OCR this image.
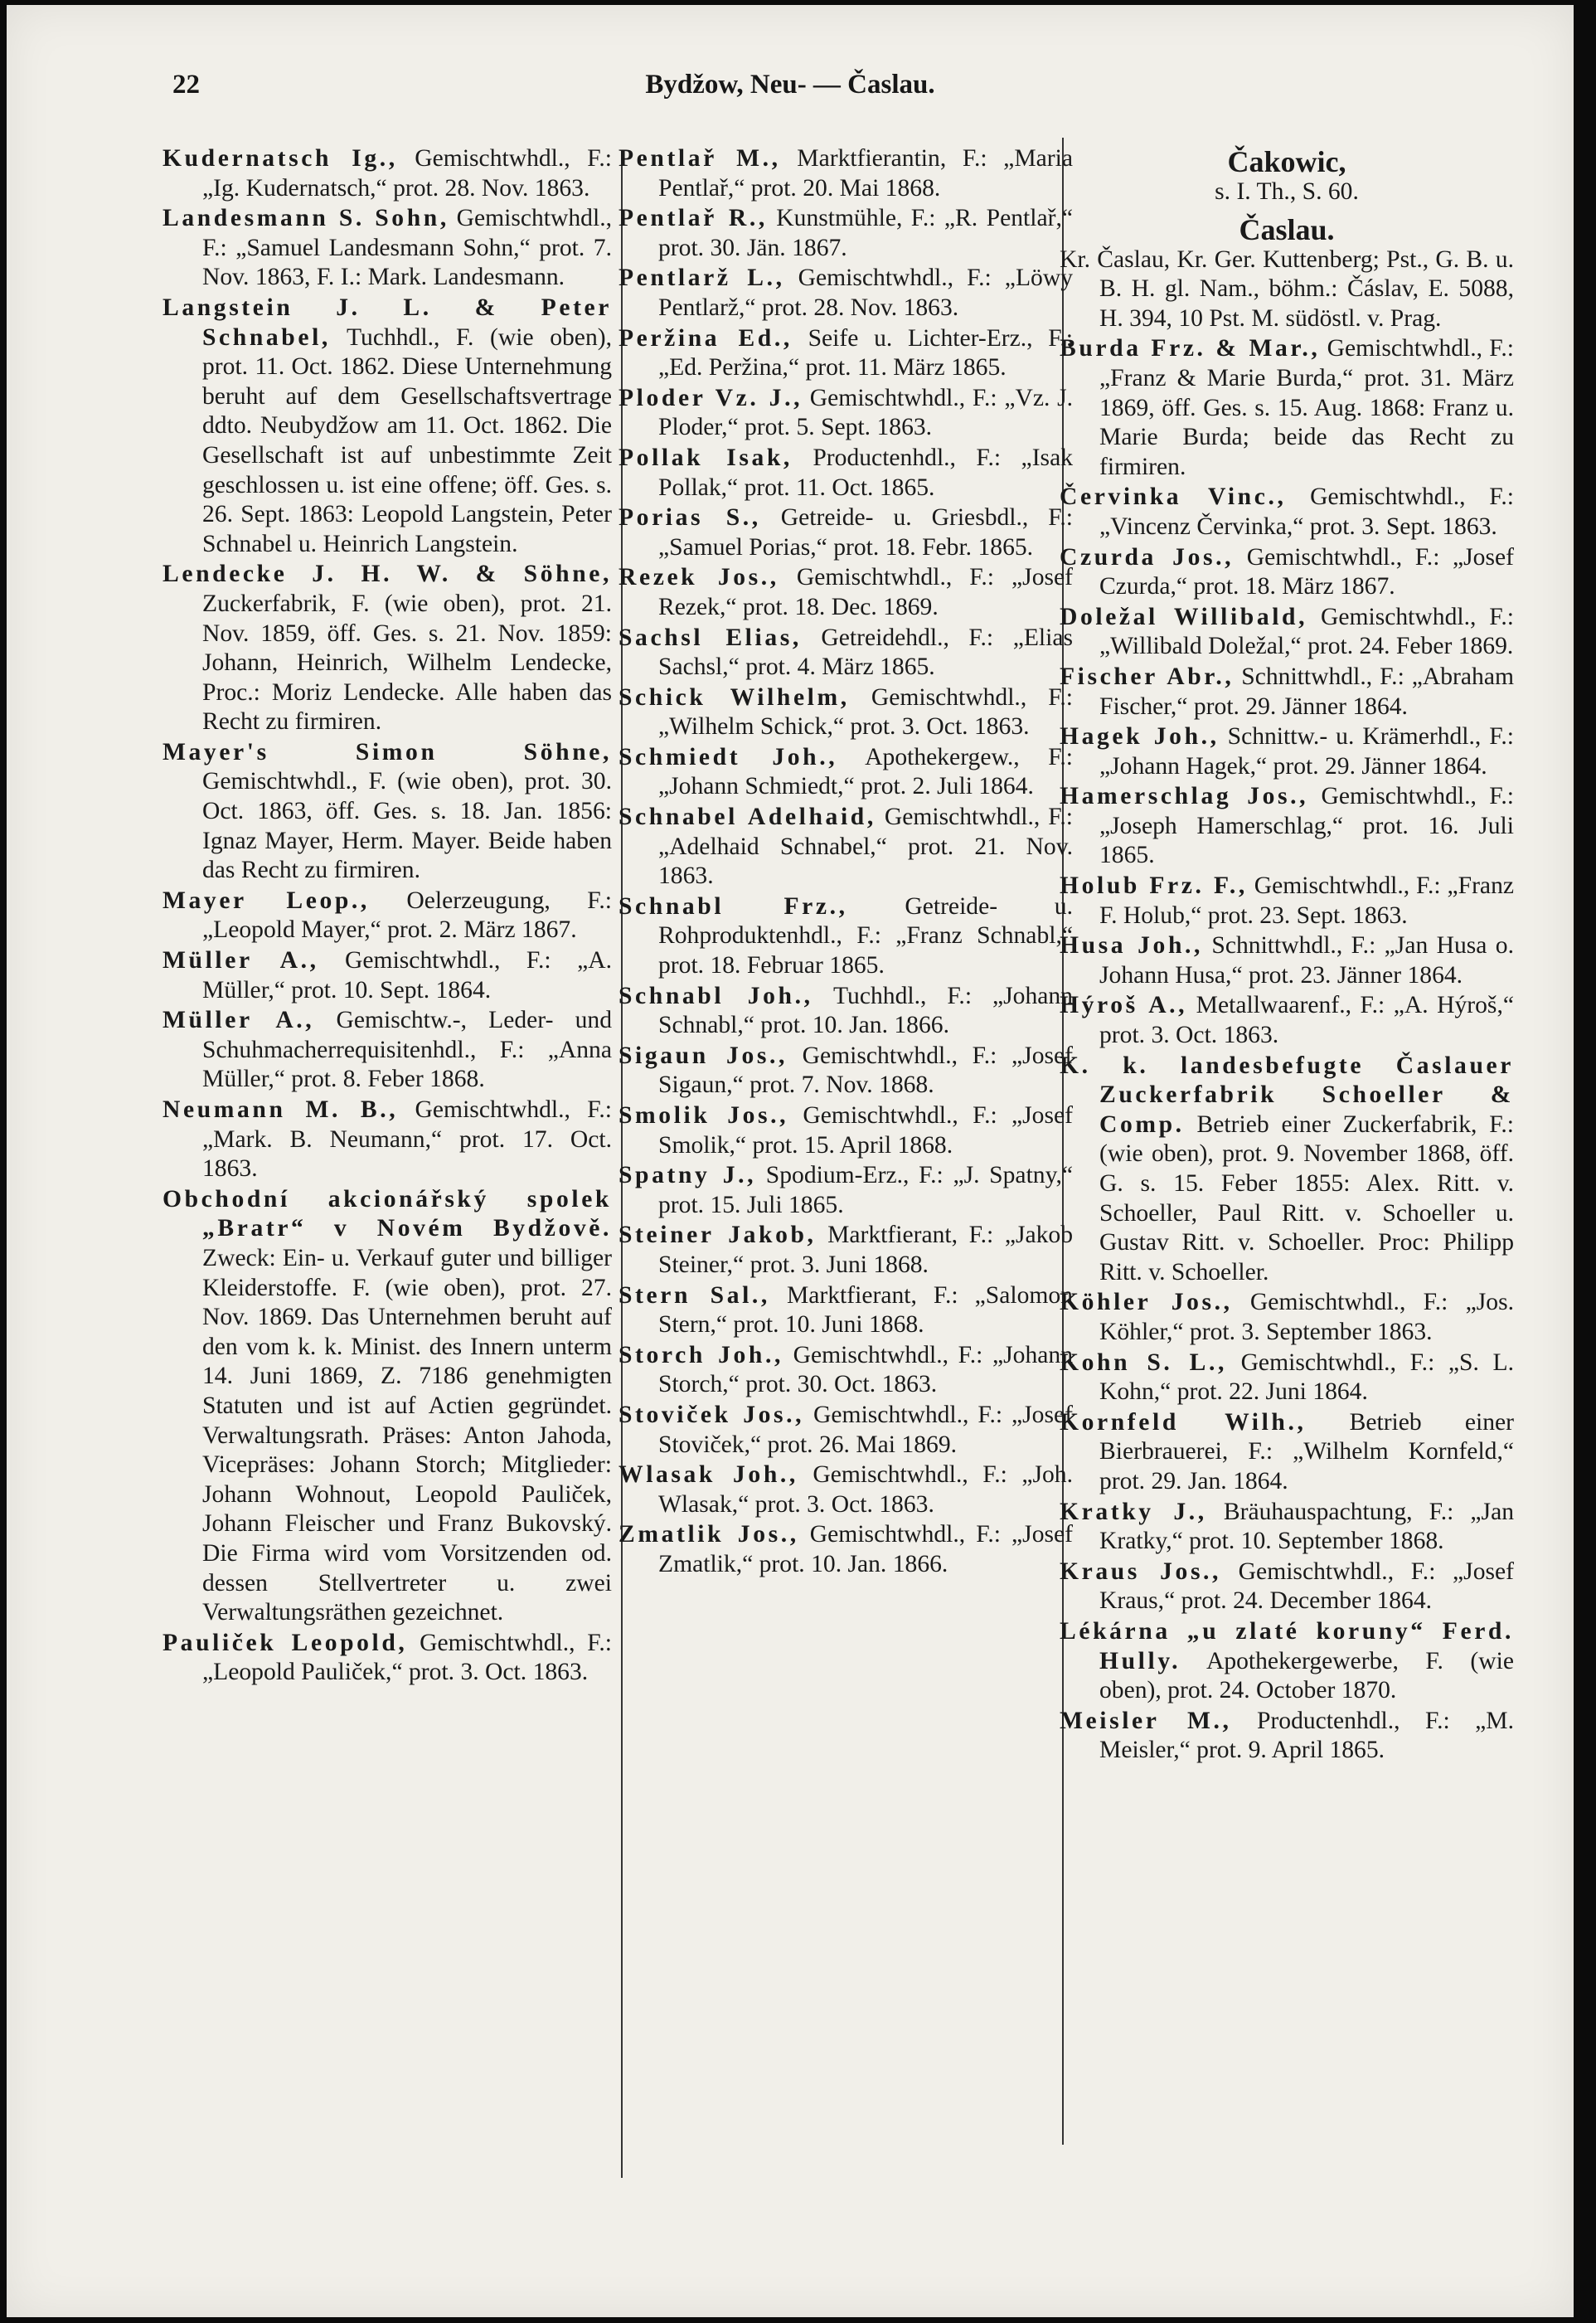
22	Bydžow, Neu- — Časlau.

Kudernatsch Ig., Gemischtwhdl., F.: „Ig. Kudernatsch,“ prot. 28. Nov. 1863.

Landesmann S. Sohn, Gemischtwhdl., F.: „Samuel Landesmann Sohn,“ prot. 7. Nov. 1863, F. I.: Mark. Landesmann.

Langstein J. L. & Peter Schnabel, Tuchhdl., F. (wie oben), prot. 11. Oct. 1862. Diese Unternehmung beruht auf dem Gesellschaftsvertrage ddto. Neubydžow am 11. Oct. 1862. Die Gesellschaft ist auf unbestimmte Zeit geschlossen u. ist eine offene; öff. Ges. s. 26. Sept. 1863: Leopold Langstein, Peter Schnabel u. Heinrich Langstein.

Lendecke J. H. W. & Söhne, Zuckerfabrik, F. (wie oben), prot. 21. Nov. 1859, öff. Ges. s. 21. Nov. 1859: Johann, Heinrich, Wilhelm Lendecke, Proc.: Moriz Lendecke. Alle haben das Recht zu firmiren.

Mayer's Simon Söhne, Gemischtwhdl., F. (wie oben), prot. 30. Oct. 1863, öff. Ges. s. 18. Jan. 1856: Ignaz Mayer, Herm. Mayer. Beide haben das Recht zu firmiren.

Mayer Leop., Oelerzeugung, F.: „Leopold Mayer,“ prot. 2. März 1867.

Müller A., Gemischtwhdl., F.: „A. Müller,“ prot. 10. Sept. 1864.

Müller A., Gemischtw.-, Leder- und Schuhmacherrequisitenhdl., F.: „Anna Müller,“ prot. 8. Feber 1868.

Neumann M. B., Gemischtwhdl., F.: „Mark. B. Neumann,“ prot. 17. Oct. 1863.

Obchodní akcionářský spolek „Bratr“ v Novém Bydžově. Zweck: Ein- u. Verkauf guter und billiger Kleiderstoffe. F. (wie oben), prot. 27. Nov. 1869. Das Unternehmen beruht auf den vom k. k. Minist. des Innern unterm 14. Juni 1869, Z. 7186 genehmigten Statuten und ist auf Actien gegründet. Verwaltungsrath. Präses: Anton Jahoda, Vicepräses: Johann Storch; Mitglieder: Johann Wohnout, Leopold Pauliček, Johann Fleischer und Franz Bukovský. Die Firma wird vom Vorsitzenden od. dessen Stellvertreter u. zwei Verwaltungsräthen gezeichnet.

Pauliček Leopold, Gemischtwhdl., F.: „Leopold Pauliček,“ prot. 3. Oct. 1863.

Pentlař M., Marktfierantin, F.: „Maria Pentlař,“ prot. 20. Mai 1868.

Pentlař R., Kunstmühle, F.: „R. Pentlař,“ prot. 30. Jän. 1867.

Pentlarž L., Gemischtwhdl., F.: „Löwy Pentlarž,“ prot. 28. Nov. 1863.

Peržina Ed., Seife u. Lichter-Erz., F.: „Ed. Peržina,“ prot. 11. März 1865.

Ploder Vz. J., Gemischtwhdl., F.: „Vz. J. Ploder,“ prot. 5. Sept. 1863.

Pollak Isak, Productenhdl., F.: „Isak Pollak,“ prot. 11. Oct. 1865.

Porias S., Getreide- u. Griesbdl., F.: „Samuel Porias,“ prot. 18. Febr. 1865.

Rezek Jos., Gemischtwhdl., F.: „Josef Rezek,“ prot. 18. Dec. 1869.

Sachsl Elias, Getreidehdl., F.: „Elias Sachsl,“ prot. 4. März 1865.

Schick Wilhelm, Gemischtwhdl., F.: „Wilhelm Schick,“ prot. 3. Oct. 1863.

Schmiedt Joh., Apothekergew., F.: „Johann Schmiedt,“ prot. 2. Juli 1864.

Schnabel Adelhaid, Gemischtwhdl., F.: „Adelhaid Schnabel,“ prot. 21. Nov. 1863.

Schnabl Frz., Getreide- u. Rohproduktenhdl., F.: „Franz Schnabl,“ prot. 18. Februar 1865.

Schnabl Joh., Tuchhdl., F.: „Johann Schnabl,“ prot. 10. Jan. 1866.

Sigaun Jos., Gemischtwhdl., F.: „Josef Sigaun,“ prot. 7. Nov. 1868.

Smolik Jos., Gemischtwhdl., F.: „Josef Smolik,“ prot. 15. April 1868.

Spatny J., Spodium-Erz., F.: „J. Spatny,“ prot. 15. Juli 1865.

Steiner Jakob, Marktfierant, F.: „Jakob Steiner,“ prot. 3. Juni 1868.

Stern Sal., Marktfierant, F.: „Salomon Stern,“ prot. 10. Juni 1868.

Storch Joh., Gemischtwhdl., F.: „Johann Storch,“ prot. 30. Oct. 1863.

Stoviček Jos., Gemischtwhdl., F.: „Josef Stoviček,“ prot. 26. Mai 1869.

Wlasak Joh., Gemischtwhdl., F.: „Joh. Wlasak,“ prot. 3. Oct. 1863.

Zmatlik Jos., Gemischtwhdl., F.: „Josef Zmatlik,“ prot. 10. Jan. 1866.

Čakowic,
s. I. Th., S. 60.
Časlau.
Kr. Časlau, Kr. Ger. Kuttenberg; Pst., G. B. u. B. H. gl. Nam., böhm.: Čáslav, E. 5088, H. 394, 10 Pst. M. südöstl. v. Prag.

Burda Frz. & Mar., Gemischtwhdl., F.: „Franz & Marie Burda,“ prot. 31. März 1869, öff. Ges. s. 15. Aug. 1868: Franz u. Marie Burda; beide das Recht zu firmiren.

Červinka Vinc., Gemischtwhdl., F.: „Vincenz Červinka,“ prot. 3. Sept. 1863.

Czurda Jos., Gemischtwhdl., F.: „Josef Czurda,“ prot. 18. März 1867.

Doležal Willibald, Gemischtwhdl., F.: „Willibald Doležal,“ prot. 24. Feber 1869.

Fischer Abr., Schnittwhdl., F.: „Abraham Fischer,“ prot. 29. Jänner 1864.

Hagek Joh., Schnittw.- u. Krämerhdl., F.: „Johann Hagek,“ prot. 29. Jänner 1864.

Hamerschlag Jos., Gemischtwhdl., F.: „Joseph Hamerschlag,“ prot. 16. Juli 1865.

Holub Frz. F., Gemischtwhdl., F.: „Franz F. Holub,“ prot. 23. Sept. 1863.

Husa Joh., Schnittwhdl., F.: „Jan Husa o. Johann Husa,“ prot. 23. Jänner 1864.

Hýroš A., Metallwaarenf., F.: „A. Hýroš,“ prot. 3. Oct. 1863.

K. k. landesbefugte Časlauer Zuckerfabrik Schoeller & Comp. Betrieb einer Zuckerfabrik, F.: (wie oben), prot. 9. November 1868, öff. G. s. 15. Feber 1855: Alex. Ritt. v. Schoeller, Paul Ritt. v. Schoeller u. Gustav Ritt. v. Schoeller. Proc: Philipp Ritt. v. Schoeller.

Köhler Jos., Gemischtwhdl., F.: „Jos. Köhler,“ prot. 3. September 1863.

Kohn S. L., Gemischtwhdl., F.: „S. L. Kohn,“ prot. 22. Juni 1864.

Kornfeld Wilh., Betrieb einer Bierbrauerei, F.: „Wilhelm Kornfeld,“ prot. 29. Jan. 1864.

Kratky J., Bräuhauspachtung, F.: „Jan Kratky,“ prot. 10. September 1868.

Kraus Jos., Gemischtwhdl., F.: „Josef Kraus,“ prot. 24. December 1864.

Lékárna „u zlaté koruny“ Ferd. Hully. Apothekergewerbe, F. (wie oben), prot. 24. October 1870.

Meisler M., Productenhdl., F.: „M. Meisler,“ prot. 9. April 1865.
